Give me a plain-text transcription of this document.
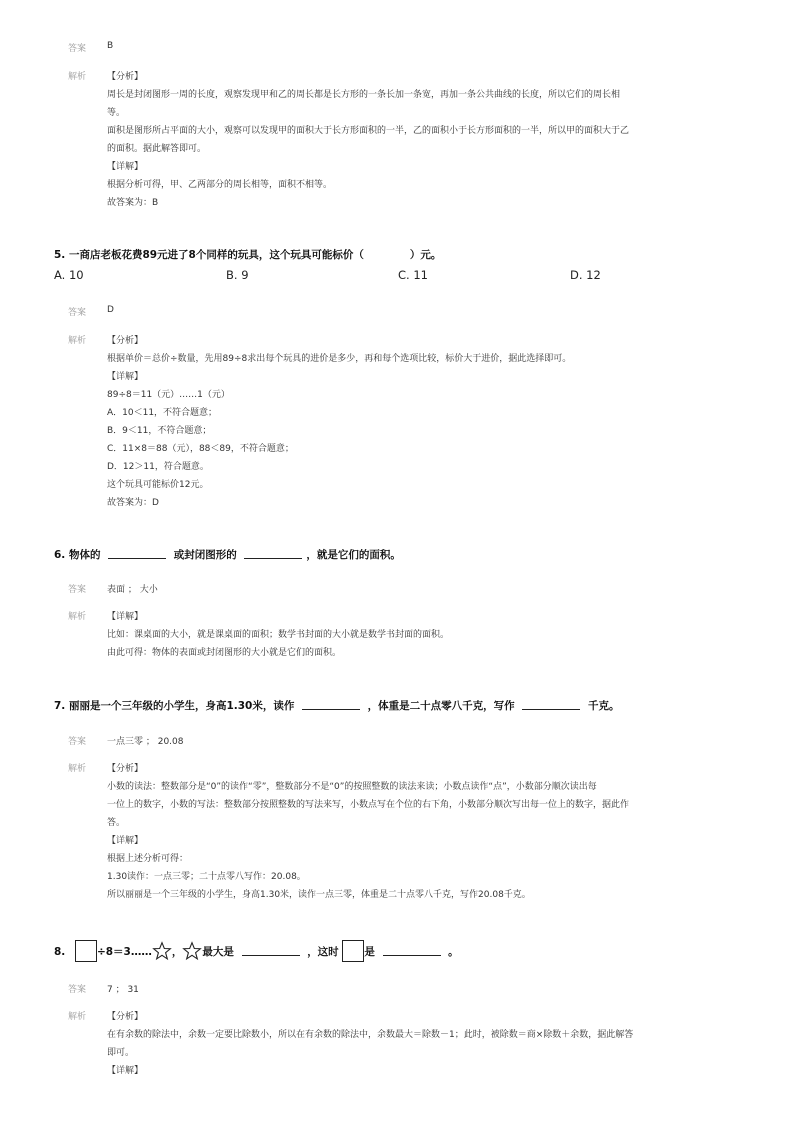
答案 B
解析 【分析】
周长是封闭图形一周的长度，观察发现甲和乙的周长都是长方形的一条长加一条宽，再加一条公共曲线的长度，所以它们的周长相
等。
面积是图形所占平面的大小，观察可以发现甲的面积大于长方形面积的一半，乙的面积小于长方形面积的一半，所以甲的面积大于乙
的面积。据此解答即可。
【详解】
根据分析可得，甲、乙两部分的周长相等，面积不相等。
故答案为：B
5. 一商店老板花费89元进了8个同样的玩具，这个玩具可能标价（	）元。
A. 10	B. 9	C. 11	D. 12
答案 D
解析 【分析】
根据单价＝总价÷数量，先用89÷8求出每个玩具的进价是多少，再和每个选项比较，标价大于进价，据此选择即可。
【详解】
89÷8＝11（元）……1（元）
A．10＜11，不符合题意；
B．9＜11，不符合题意；
C．11×8＝88（元），88＜89，不符合题意；
D．12＞11，符合题意。
这个玩具可能标价12元。
故答案为：D
6. 物体的	或封闭图形的	，就是它们的面积。
答案 表面 ； 大小
解析 【详解】
比如：课桌面的大小，就是课桌面的面积；数学书封面的大小就是数学书封面的面积。
由此可得：物体的表面或封闭图形的大小就是它们的面积。
7. 丽丽是一个三年级的小学生，身高1.30米，读作	，体重是二十点零八千克，写作	千克。
答案 一点三零 ； 20.08
解析 【分析】
小数的读法：整数部分是“0”的读作“零”，整数部分不是“0”的按照整数的读法来读；小数点读作“点”，小数部分顺次读出每
一位上的数字，小数的写法：整数部分按照整数的写法来写，小数点写在个位的右下角，小数部分顺次写出每一位上的数字，据此作
答。
【详解】
根据上述分析可得：
1.30读作：一点三零；二十点零八写作：20.08。
所以丽丽是一个三年级的小学生，身高1.30米，读作一点三零，体重是二十点零八千克，写作20.08千克。
8.	÷8＝3…… ， 最大是	，这时 是	。
答案 7 ； 31
解析 【分析】
在有余数的除法中，余数一定要比除数小，所以在有余数的除法中，余数最大＝除数－1；此时，被除数＝商×除数＋余数，据此解答
即可。
【详解】
